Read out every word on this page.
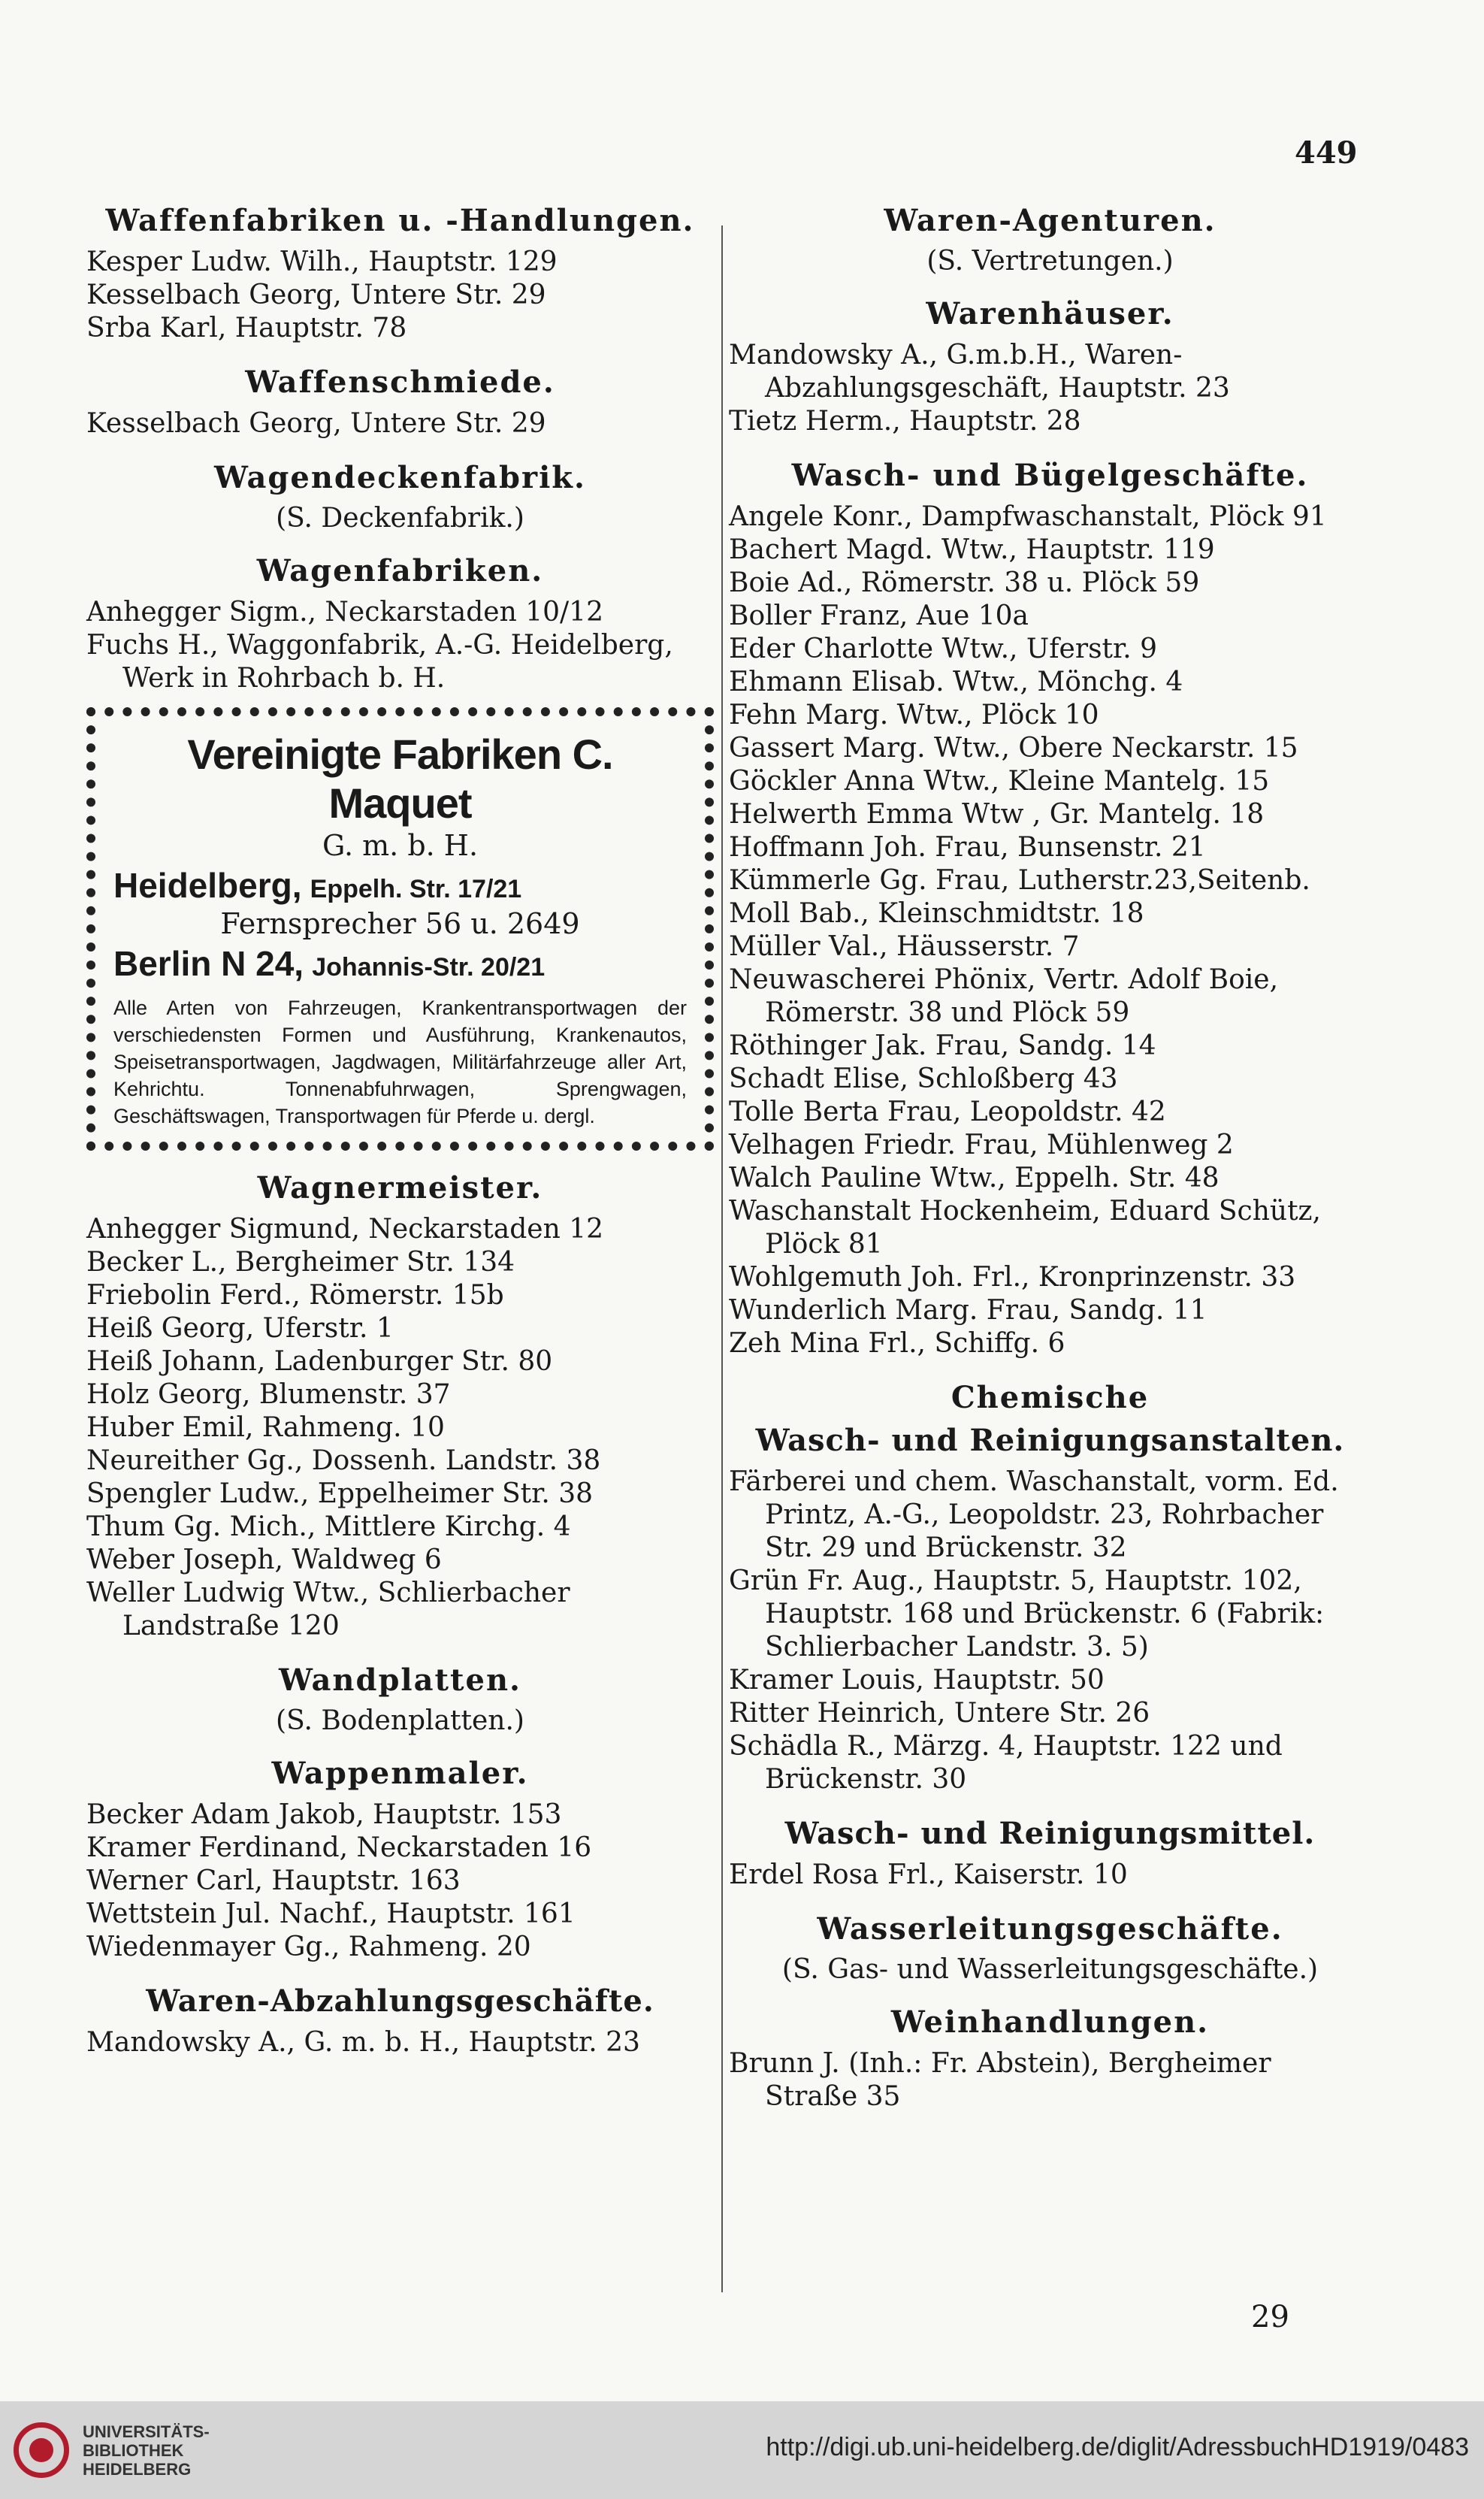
449
Waffenfabriken u. -Handlungen.
Kesper Ludw. Wilh., Hauptstr. 129
Kesselbach Georg, Untere Str. 29
Srba Karl, Hauptstr. 78
Waffenschmiede.
Kesselbach Georg, Untere Str. 29
Wagendeckenfabrik.
(S. Deckenfabrik.)
Wagenfabriken.
Anhegger Sigm., Neckarstaden 10/12
Fuchs H., Waggonfabrik, A.-G. Heidelberg, Werk in Rohrbach b. H.
Vereinigte Fabriken C. Maquet
G. m. b. H.
Heidelberg, Eppelh. Str. 17/21
Fernsprecher 56 u. 2649
Berlin N 24, Johannis-Str. 20/21
Alle Arten von Fahrzeugen, Krankentransportwagen der verschiedensten Formen und Ausführung, Krankenautos, Speisetransportwagen, Jagdwagen, Militärfahrzeuge aller Art, Kehrichtu. Tonnenabfuhrwagen, Sprengwagen, Geschäftswagen, Transportwagen für Pferde u. dergl.
Wagnermeister.
Anhegger Sigmund, Neckarstaden 12
Becker L., Bergheimer Str. 134
Friebolin Ferd., Römerstr. 15b
Heiß Georg, Uferstr. 1
Heiß Johann, Ladenburger Str. 80
Holz Georg, Blumenstr. 37
Huber Emil, Rahmeng. 10
Neureither Gg., Dossenh. Landstr. 38
Spengler Ludw., Eppelheimer Str. 38
Thum Gg. Mich., Mittlere Kirchg. 4
Weber Joseph, Waldweg 6
Weller Ludwig Wtw., Schlierbacher Landstraße 120
Wandplatten.
(S. Bodenplatten.)
Wappenmaler.
Becker Adam Jakob, Hauptstr. 153
Kramer Ferdinand, Neckarstaden 16
Werner Carl, Hauptstr. 163
Wettstein Jul. Nachf., Hauptstr. 161
Wiedenmayer Gg., Rahmeng. 20
Waren-Abzahlungsgeschäfte.
Mandowsky A., G. m. b. H., Hauptstr. 23
Waren-Agenturen.
(S. Vertretungen.)
Warenhäuser.
Mandowsky A., G.m.b.H., Waren-Abzahlungsgeschäft, Hauptstr. 23
Tietz Herm., Hauptstr. 28
Wasch- und Bügelgeschäfte.
Angele Konr., Dampfwaschanstalt, Plöck 91
Bachert Magd. Wtw., Hauptstr. 119
Boie Ad., Römerstr. 38 u. Plöck 59
Boller Franz, Aue 10a
Eder Charlotte Wtw., Uferstr. 9
Ehmann Elisab. Wtw., Mönchg. 4
Fehn Marg. Wtw., Plöck 10
Gassert Marg. Wtw., Obere Neckarstr. 15
Göckler Anna Wtw., Kleine Mantelg. 15
Helwerth Emma Wtw , Gr. Mantelg. 18
Hoffmann Joh. Frau, Bunsenstr. 21
Kümmerle Gg. Frau, Lutherstr.23,Seitenb.
Moll Bab., Kleinschmidtstr. 18
Müller Val., Häusserstr. 7
Neuwascherei Phönix, Vertr. Adolf Boie, Römerstr. 38 und Plöck 59
Röthinger Jak. Frau, Sandg. 14
Schadt Elise, Schloßberg 43
Tolle Berta Frau, Leopoldstr. 42
Velhagen Friedr. Frau, Mühlenweg 2
Walch Pauline Wtw., Eppelh. Str. 48
Waschanstalt Hockenheim, Eduard Schütz, Plöck 81
Wohlgemuth Joh. Frl., Kronprinzenstr. 33
Wunderlich Marg. Frau, Sandg. 11
Zeh Mina Frl., Schiffg. 6
Chemische
Wasch- und Reinigungsanstalten.
Färberei und chem. Waschanstalt, vorm. Ed. Printz, A.-G., Leopoldstr. 23, Rohrbacher Str. 29 und Brückenstr. 32
Grün Fr. Aug., Hauptstr. 5, Hauptstr. 102, Hauptstr. 168 und Brückenstr. 6 (Fabrik: Schlierbacher Landstr. 3. 5)
Kramer Louis, Hauptstr. 50
Ritter Heinrich, Untere Str. 26
Schädla R., Märzg. 4, Hauptstr. 122 und Brückenstr. 30
Wasch- und Reinigungsmittel.
Erdel Rosa Frl., Kaiserstr. 10
Wasserleitungsgeschäfte.
(S. Gas- und Wasserleitungsgeschäfte.)
Weinhandlungen.
Brunn J. (Inh.: Fr. Abstein), Bergheimer Straße 35
29
UNIVERSITÄTS-
BIBLIOTHEK
HEIDELBERG
http://digi.ub.uni-heidelberg.de/diglit/AdressbuchHD1919/0483
